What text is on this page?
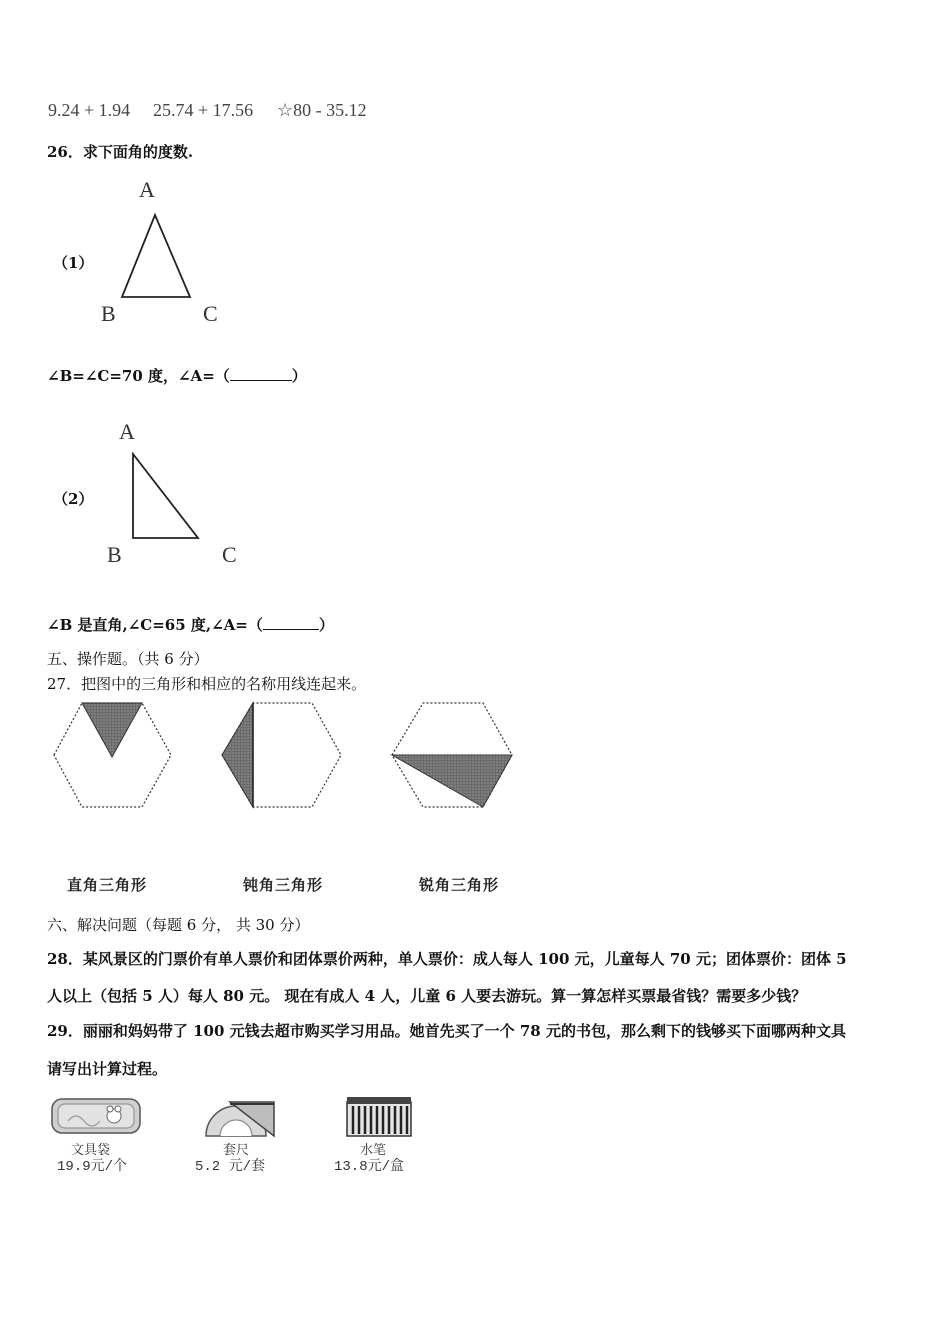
9.24 + 1.94 25.74 + 17.56 ☆80 - 35.12
26．求下面角的度数.
（1）
A
B	C
∠B=∠C=70 度，∠A=（	）
（2）
A
B	C
∠B 是直角,∠C=65 度,∠A=（	）
五、操作题。（共 6 分）
27．把图中的三角形和相应的名称用线连起来。
直角三角形	钝角三角形	锐角三角形
六、解决问题（每题 6 分， 共 30 分）
28．某风景区的门票价有单人票价和团体票价两种，单人票价：成人每人 100 元，儿童每人 70 元；团体票价：团体 5
人以上（包括 5 人）每人 80 元。 现在有成人 4 人，儿童 6 人要去游玩。算一算怎样买票最省钱？需要多少钱？
29．丽丽和妈妈带了 100 元钱去超市购买学习用品。她首先买了一个 78 元的书包，那么剩下的钱够买下面哪两种文具
请写出计算过程。
文具袋	套尺	水笔
19.9元/个	5.2 元/套	13.8元/盒
